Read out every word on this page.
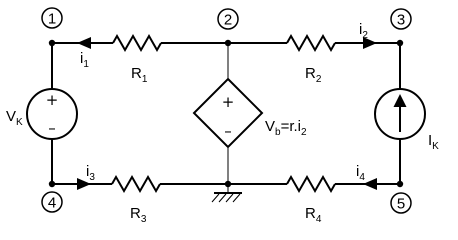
1	2	3
4	5
$R_1$	$R_2$
$R_3$	$R_4$
$i_1$
$i_2$
$i_3$	$i_4$
+
–
$V_K$
+
– $V_b=r.i_2$	$I_K$
